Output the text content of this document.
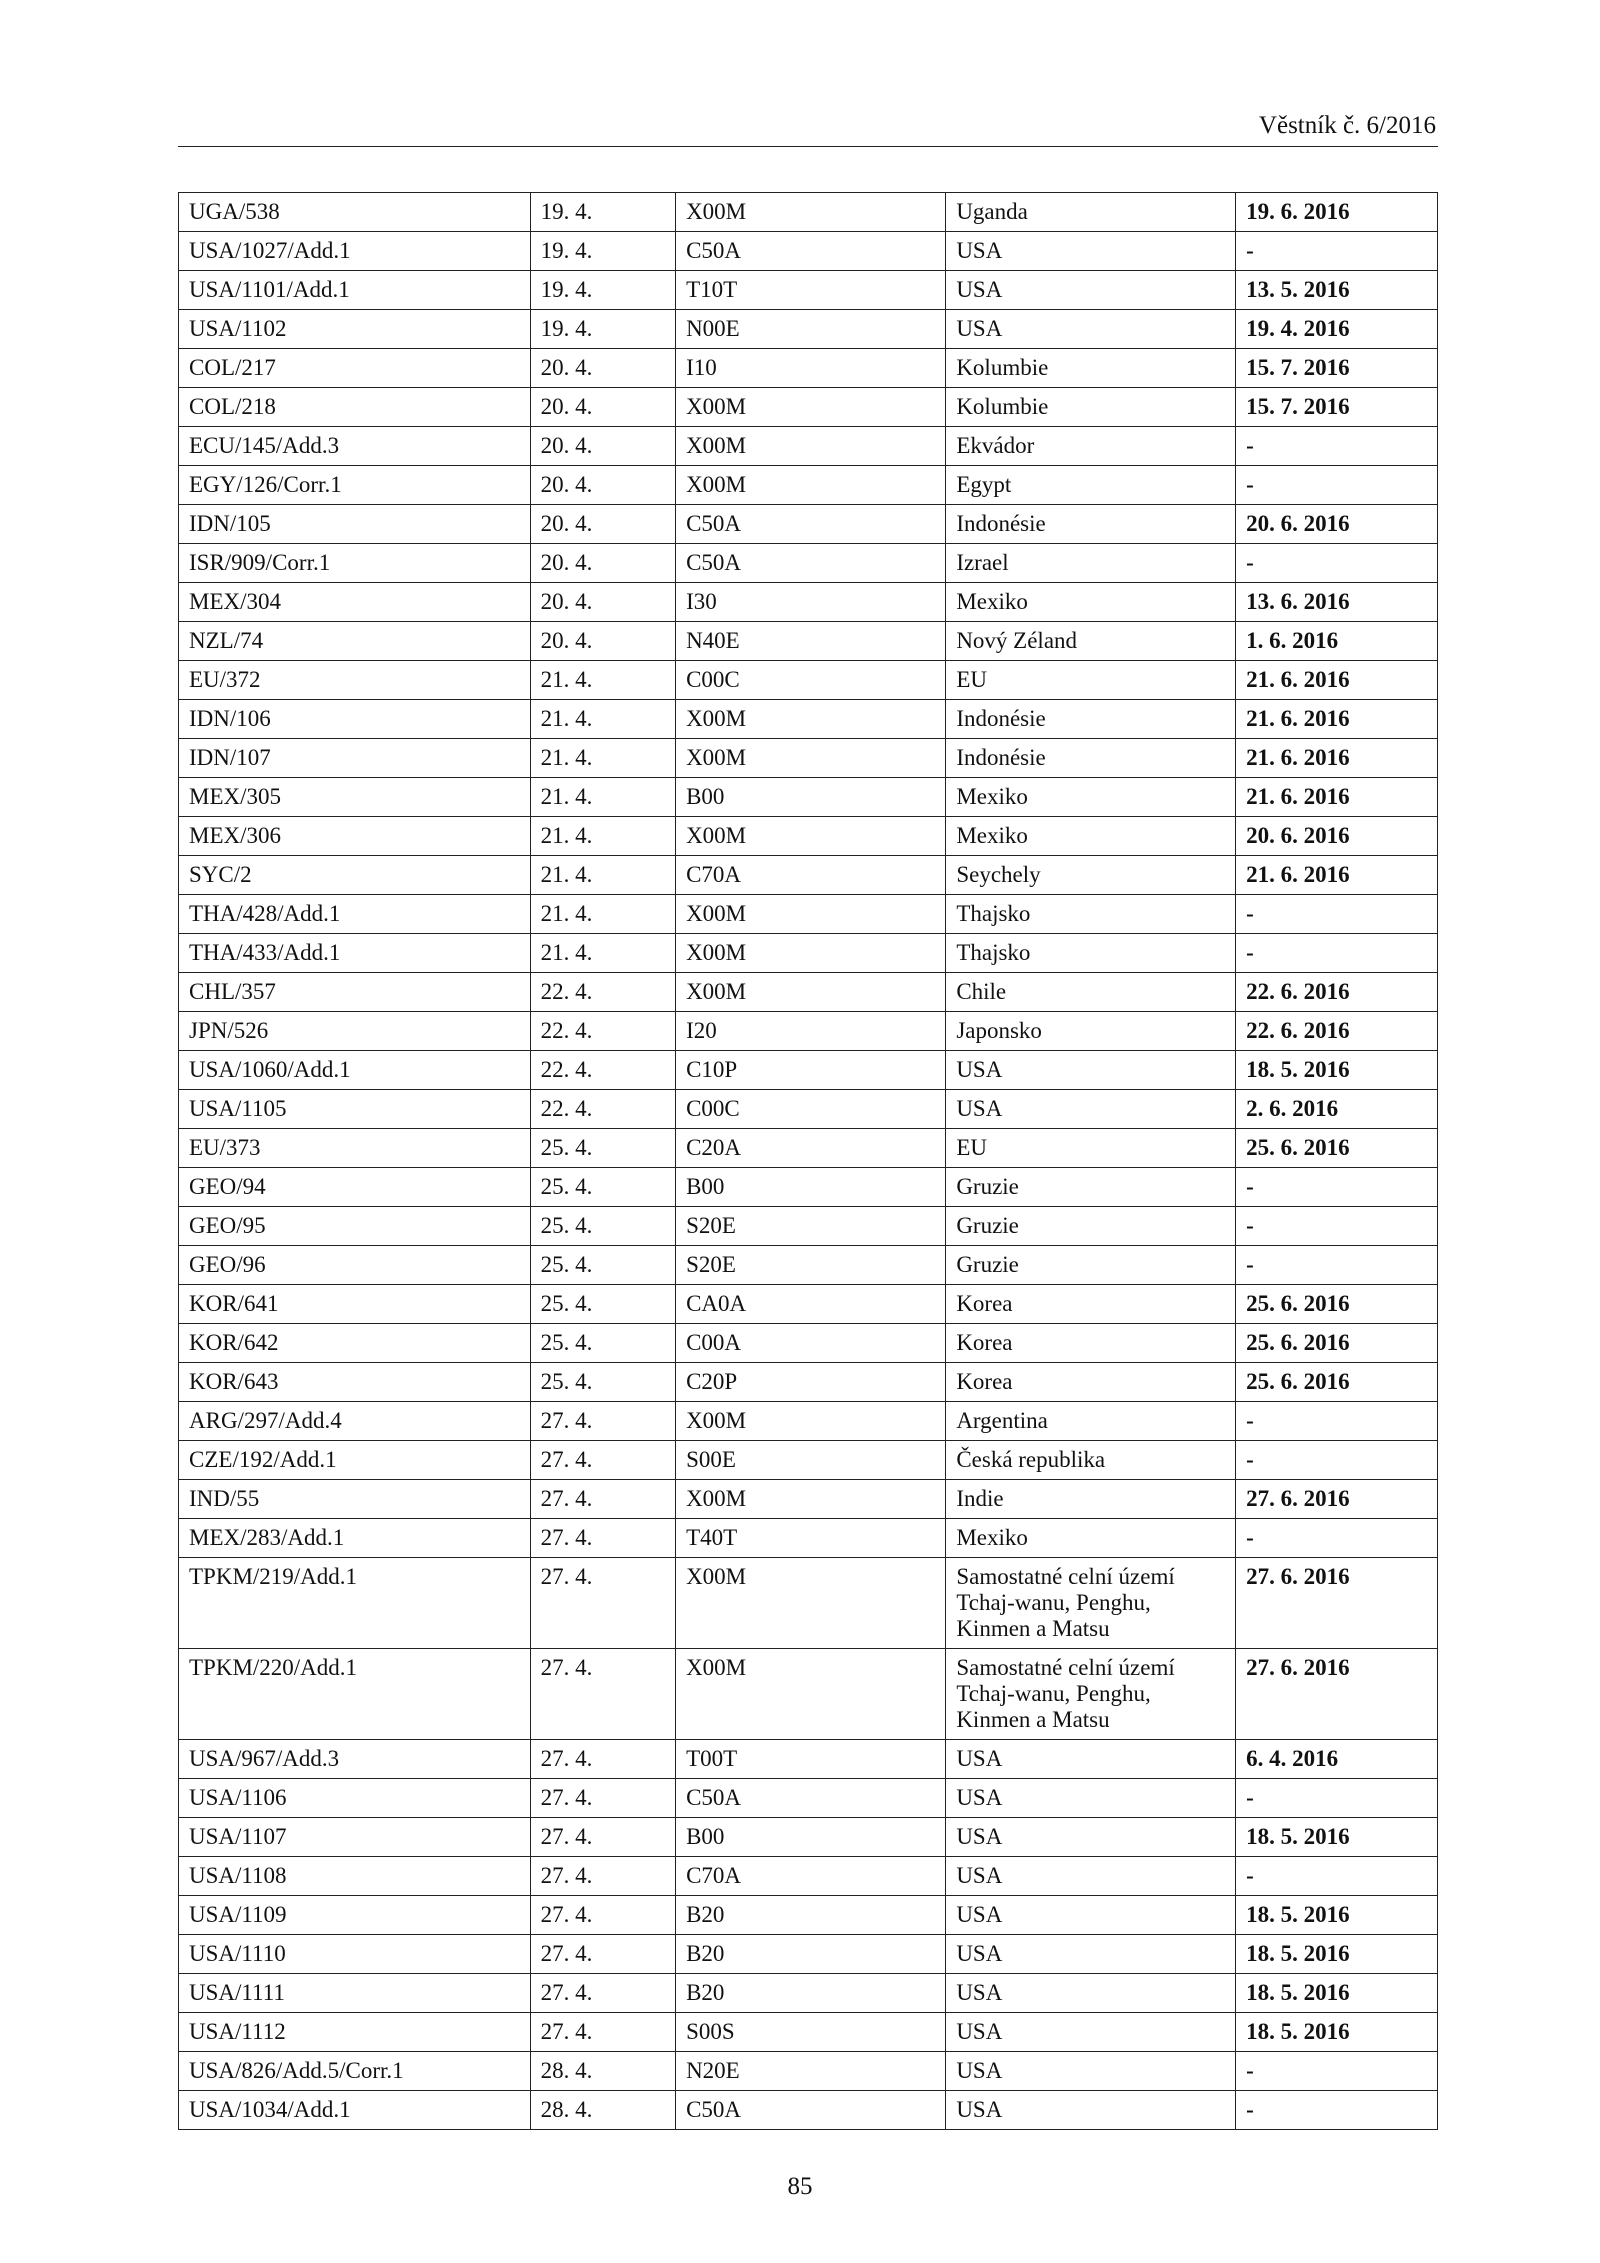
Věstník č. 6/2016
UGA/538	19. 4.	X00M	Uganda	19. 6. 2016
USA/1027/Add.1	19. 4.	C50A	USA	-
USA/1101/Add.1	19. 4.	T10T	USA	13. 5. 2016
USA/1102	19. 4.	N00E	USA	19. 4. 2016
COL/217	20. 4.	I10	Kolumbie	15. 7. 2016
COL/218	20. 4.	X00M	Kolumbie	15. 7. 2016
ECU/145/Add.3	20. 4.	X00M	Ekvádor	-
EGY/126/Corr.1	20. 4.	X00M	Egypt	-
IDN/105	20. 4.	C50A	Indonésie	20. 6. 2016
ISR/909/Corr.1	20. 4.	C50A	Izrael	-
MEX/304	20. 4.	I30	Mexiko	13. 6. 2016
NZL/74	20. 4.	N40E	Nový Zéland	1. 6. 2016
EU/372	21. 4.	C00C	EU	21. 6. 2016
IDN/106	21. 4.	X00M	Indonésie	21. 6. 2016
IDN/107	21. 4.	X00M	Indonésie	21. 6. 2016
MEX/305	21. 4.	B00	Mexiko	21. 6. 2016
MEX/306	21. 4.	X00M	Mexiko	20. 6. 2016
SYC/2	21. 4.	C70A	Seychely	21. 6. 2016
THA/428/Add.1	21. 4.	X00M	Thajsko	-
THA/433/Add.1	21. 4.	X00M	Thajsko	-
CHL/357	22. 4.	X00M	Chile	22. 6. 2016
JPN/526	22. 4.	I20	Japonsko	22. 6. 2016
USA/1060/Add.1	22. 4.	C10P	USA	18. 5. 2016
USA/1105	22. 4.	C00C	USA	2. 6. 2016
EU/373	25. 4.	C20A	EU	25. 6. 2016
GEO/94	25. 4.	B00	Gruzie	-
GEO/95	25. 4.	S20E	Gruzie	-
GEO/96	25. 4.	S20E	Gruzie	-
KOR/641	25. 4.	CA0A	Korea	25. 6. 2016
KOR/642	25. 4.	C00A	Korea	25. 6. 2016
KOR/643	25. 4.	C20P	Korea	25. 6. 2016
ARG/297/Add.4	27. 4.	X00M	Argentina	-
CZE/192/Add.1	27. 4.	S00E	Česká republika	-
IND/55	27. 4.	X00M	Indie	27. 6. 2016
MEX/283/Add.1	27. 4.	T40T	Mexiko	-
TPKM/219/Add.1	27. 4.	X00M	Samostatné celní území
Tchaj-wanu, Penghu,
Kinmen a Matsu	27. 6. 2016
TPKM/220/Add.1	27. 4.	X00M	Samostatné celní území
Tchaj-wanu, Penghu,
Kinmen a Matsu	27. 6. 2016
USA/967/Add.3	27. 4.	T00T	USA	6. 4. 2016
USA/1106	27. 4.	C50A	USA	-
USA/1107	27. 4.	B00	USA	18. 5. 2016
USA/1108	27. 4.	C70A	USA	-
USA/1109	27. 4.	B20	USA	18. 5. 2016
USA/1110	27. 4.	B20	USA	18. 5. 2016
USA/1111	27. 4.	B20	USA	18. 5. 2016
USA/1112	27. 4.	S00S	USA	18. 5. 2016
USA/826/Add.5/Corr.1	28. 4.	N20E	USA	-
USA/1034/Add.1	28. 4.	C50A	USA	-
85
